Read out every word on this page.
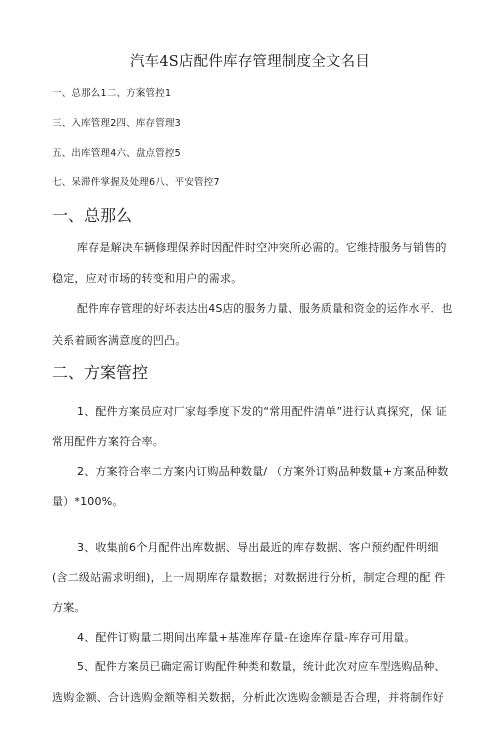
汽车4S店配件库存管理制度全文名目
一、总那么1二、方案管控1
三、入库管理2四、库存管理3
五、出库管理4六、盘点管控5
七、呆滞件掌握及处理6八、平安管控7
一、总那么
库存是解决车辆修理保养时因配件时空冲突所必需的。它维持服务与销售的
稳定，应对市场的转变和用户的需求。
配件库存管理的好坏表达出4S店的服务力量、服务质量和资金的运作水平．也
关系着顾客满意度的凹凸。
二、方案管控
1、配件方案员应对厂家每季度下发的“常用配件清单”进行认真探究，保 证
常用配件方案符合率。
2、方案符合率二方案内订购品种数量/ （方案外订购品种数量+方案品种数
量）*100%。
3、收集前6个月配件出库数据、导出最近的库存数据、客户预约配件明细
(含二级站需求明细)，上一周期库存量数据；对数据进行分析，制定合理的配 件
方案。
4、配件订购量二期间出库量+基准库存量-在途库存量-库存可用量。
5、配件方案员已确定需订购配件种类和数量，统计此次对应车型选购品种、
选购金额、合计选购金额等相关数据，分析此次选购金额是否合理，并将制作好
